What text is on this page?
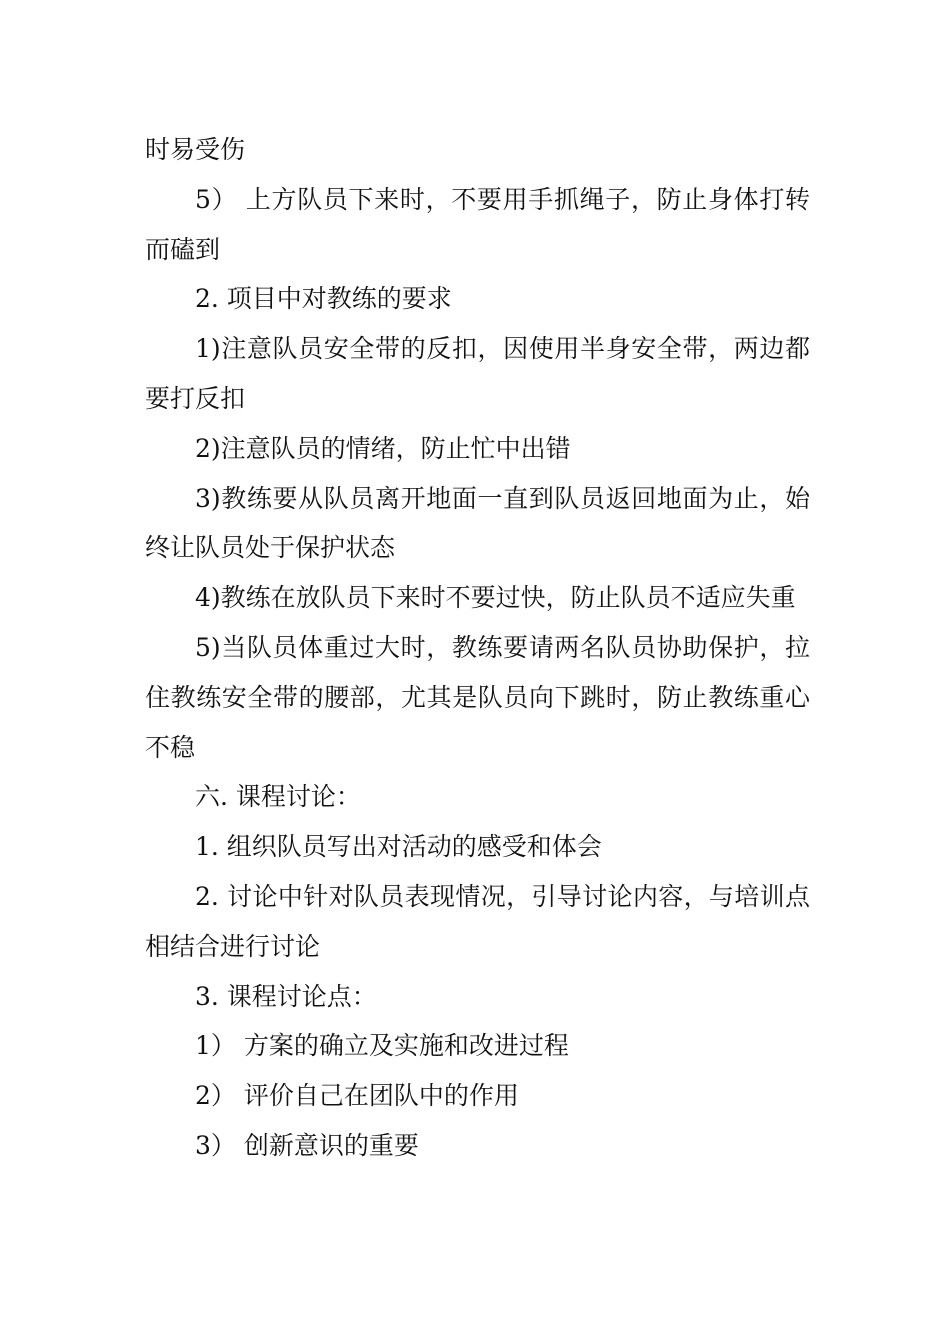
时易受伤

5） 上方队员下来时，不要用手抓绳子，防止身体打转而磕到

2. 项目中对教练的要求

1)注意队员安全带的反扣，因使用半身安全带，两边都 要打反扣

2)注意队员的情绪，防止忙中出错

3)教练要从队员离开地面一直到队员返回地面为止，始终让队员处于保护状态

4)教练在放队员下来时不要过快，防止队员不适应失重

5)当队员体重过大时，教练要请两名队员协助保护，拉住教练安全带的腰部，尤其是队员向下跳时，防止教练重心不稳

六. 课程讨论：

1. 组织队员写出对活动的感受和体会

2. 讨论中针对队员表现情况，引导讨论内容，与培训点相结合进行讨论

3. 课程讨论点：

1） 方案的确立及实施和改进过程

2） 评价自己在团队中的作用

3） 创新意识的重要
